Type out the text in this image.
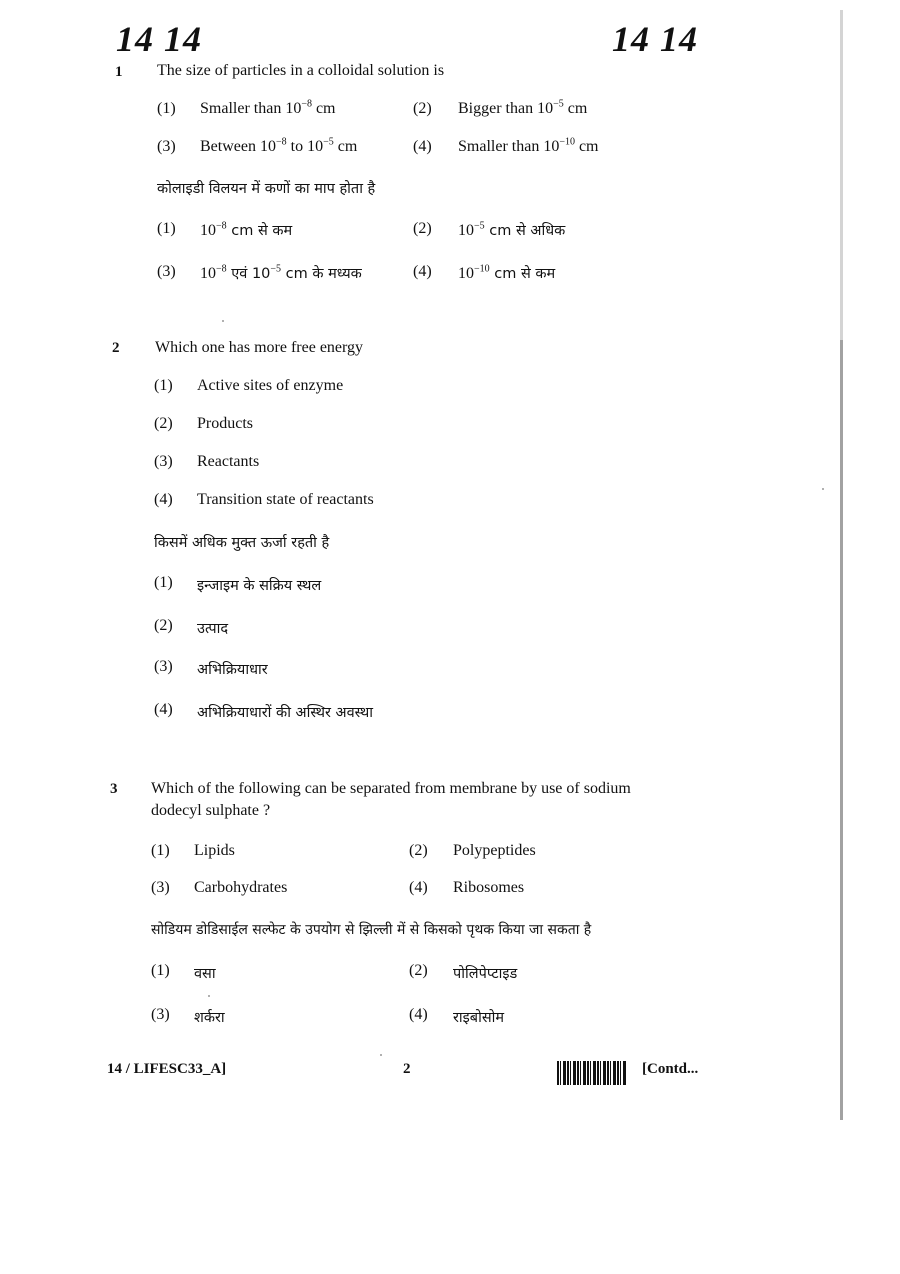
14 14	14 14
1 The size of particles in a colloidal solution is
(1) Smaller than $10^{-8}$ cm	(2) Bigger than $10^{-5}$ cm
(3) Between $10^{-8}$ to $10^{-5}$ cm	(4) Smaller than $10^{-10}$ cm
कोलाइडी विलयन में कणों का माप होता है
(1) $10^{-8}$ cm से कम	(2) $10^{-5}$ cm से अधिक
(3) $10^{-8}$ एवं $10^{-5}$ cm के मध्यक	(4) $10^{-10}$ cm से कम
2 Which one has more free energy
(1) Active sites of enzyme
(2) Products
(3) Reactants
(4) Transition state of reactants
किसमें अधिक मुक्त ऊर्जा रहती है
(1) इन्जाइम के सक्रिय स्थल
(2) उत्पाद
(3) अभिक्रियाधार
(4) अभिक्रियाधारों की अस्थिर अवस्था
3 Which of the following can be separated from membrane by use of sodium
dodecyl sulphate ?
(1) Lipids	(2) Polypeptides
(3) Carbohydrates	(4) Ribosomes
सोडियम डोडिसाईल सल्फेट के उपयोग से झिल्ली में से किसको पृथक किया जा सकता है
(1) वसा	(2) पोलिपेप्टाइड
(3) शर्करा	(4) राइबोसोम
14 / LIFESC33_A]	2	[Contd...
